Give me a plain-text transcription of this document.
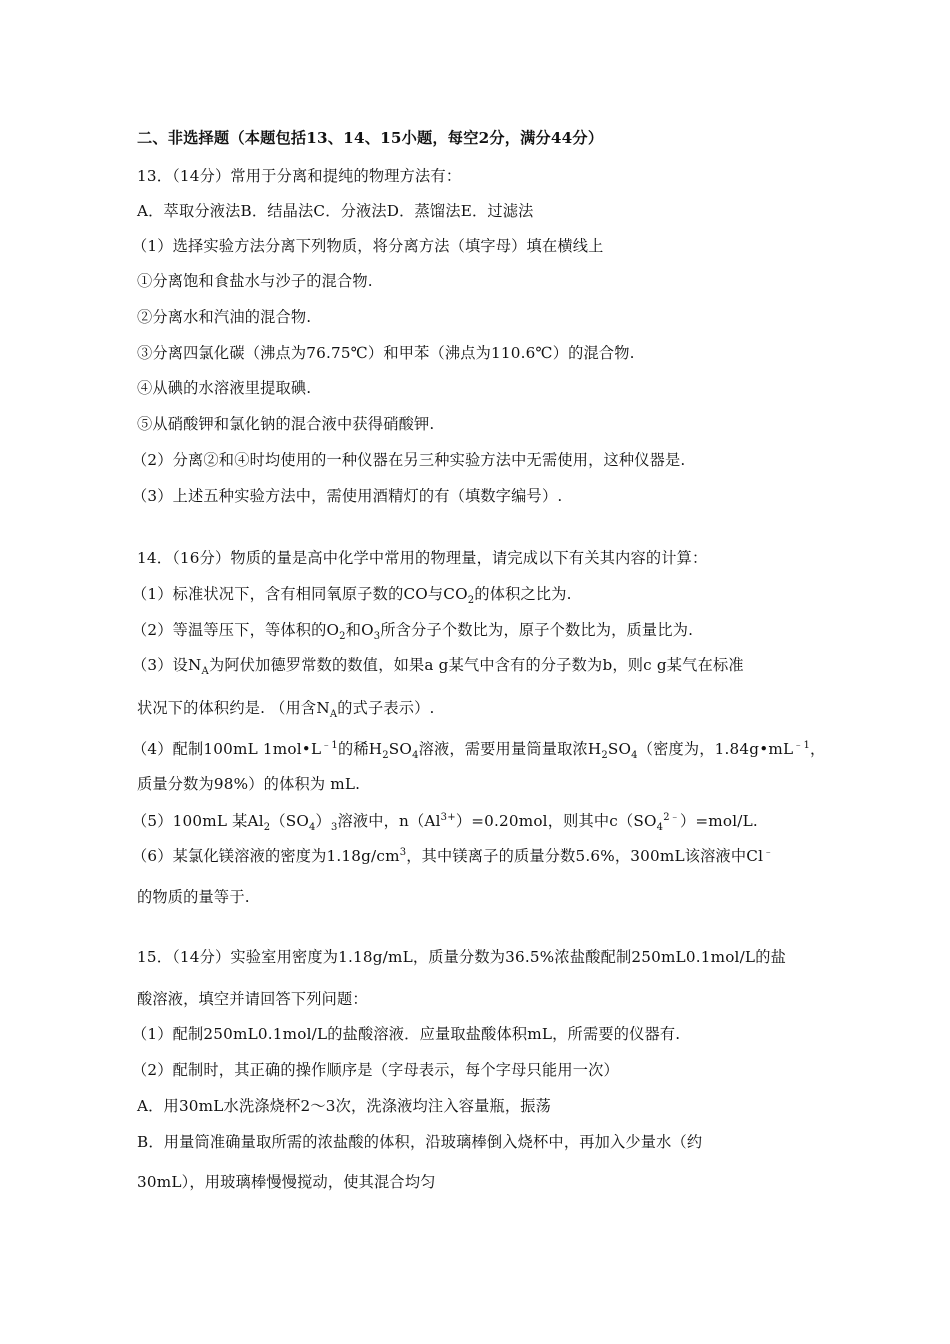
二、非选择题（本题包括13、14、15小题，每空2分，满分44分）
13．（14分）常用于分离和提纯的物理方法有：
A．萃取分液法B．结晶法C．分液法D．蒸馏法E．过滤法
（1）选择实验方法分离下列物质，将分离方法（填字母）填在横线上
①分离饱和食盐水与沙子的混合物.
②分离水和汽油的混合物.
③分离四氯化碳（沸点为76.75℃）和甲苯（沸点为110.6℃）的混合物.
④从碘的水溶液里提取碘.
⑤从硝酸钾和氯化钠的混合液中获得硝酸钾.
（2）分离②和④时均使用的一种仪器在另三种实验方法中无需使用，这种仪器是.
（3）上述五种实验方法中，需使用酒精灯的有（填数字编号）.
14．（16分）物质的量是高中化学中常用的物理量，请完成以下有关其内容的计算：
（1）标准状况下，含有相同氧原子数的CO与$CO_2$的体积之比为.
（2）等温等压下，等体积的$O_2$和$O_3$所含分子个数比为，原子个数比为，质量比为.
（3）设$N_A$为阿伏加德罗常数的数值，如果a g某气中含有的分子数为b，则c g某气在标准
状况下的体积约是. （用含$N_A$的式子表示）.
（4）配制100mL $1mol•L^{﹣1}$的稀$H_2SO_4$溶液，需要用量筒量取浓$H_2SO_4$（密度为，$1.84g•mL^{﹣1}$，
质量分数为98%）的体积为 mL.
（5）100mL 某$Al_2(SO_4)_3$溶液中，$n(Al^{3+})=0.20mol$，则其中$c(SO_4^{2﹣})=mol/L$.
（6）某氯化镁溶液的密度为$1.18g/cm^3$，其中镁离子的质量分数5.6%，300mL该溶液中Cl﹣
的物质的量等于.
15．（14分）实验室用密度为1.18g/mL，质量分数为36.5%浓盐酸配制250mL0.1mol/L的盐
酸溶液，填空并请回答下列问题：
（1）配制250mL0.1mol/L的盐酸溶液．应量取盐酸体积mL，所需要的仪器有.
（2）配制时，其正确的操作顺序是（字母表示，每个字母只能用一次）
A．用30mL水洗涤烧杯2～3次，洗涤液均注入容量瓶，振荡
B．用量筒准确量取所需的浓盐酸的体积，沿玻璃棒倒入烧杯中，再加入少量水（约
30mL），用玻璃棒慢慢搅动，使其混合均匀
